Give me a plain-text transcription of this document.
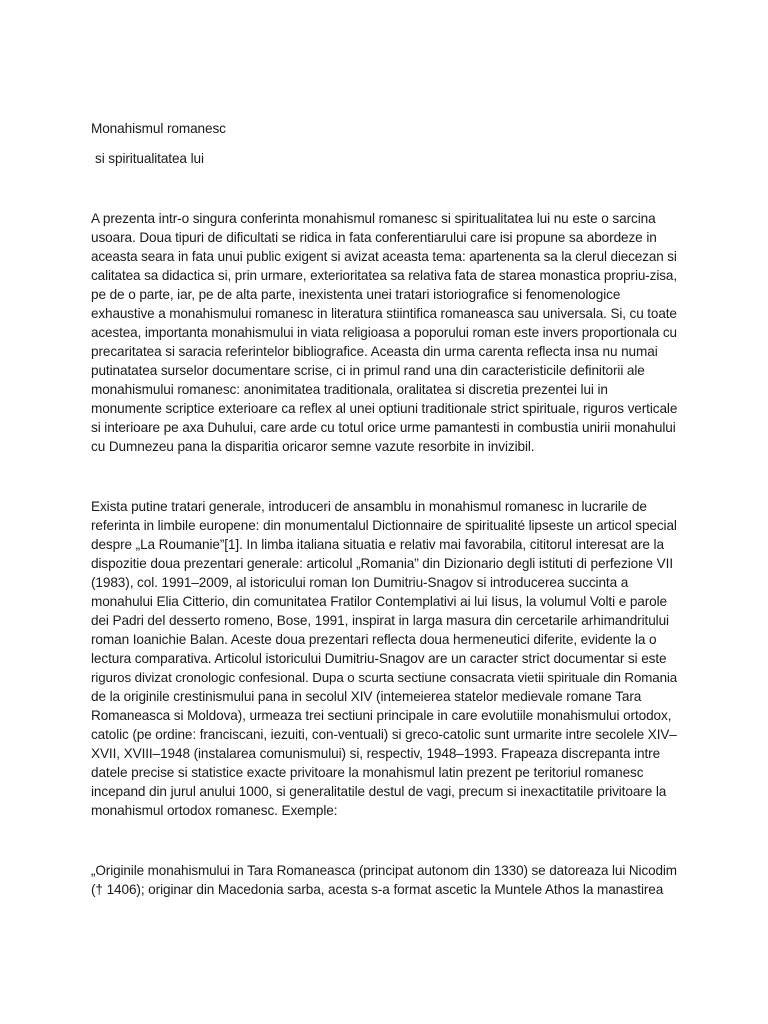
Monahismul romanesc
si spiritualitatea lui
A prezenta intr-o singura conferinta monahismul romanesc si spiritualitatea lui nu este o sarcina
usoara. Doua tipuri de dificultati se ridica in fata conferentiarului care isi propune sa abordeze in
aceasta seara in fata unui public exigent si avizat aceasta tema: apartenenta sa la clerul diecezan si
calitatea sa didactica si, prin urmare, exterioritatea sa relativa fata de starea monastica propriu-zisa,
pe de o parte, iar, pe de alta parte, inexistenta unei tratari istoriografice si fenomenologice
exhaustive a monahismului romanesc in literatura stiintifica romaneasca sau universala. Si, cu toate
acestea, importanta monahismului in viata religioasa a poporului roman este invers proportionala cu
precaritatea si saracia referintelor bibliografice. Aceasta din urma carenta reflecta insa nu numai
putinatatea surselor documentare scrise, ci in primul rand una din caracteristicile definitorii ale
monahismului romanesc: anonimitatea traditionala, oralitatea si discretia prezentei lui in
monumente scriptice exterioare ca reflex al unei optiuni traditionale strict spirituale, riguros verticale
si interioare pe axa Duhului, care arde cu totul orice urme pamantesti in combustia unirii monahului
cu Dumnezeu pana la disparitia oricaror semne vazute resorbite in invizibil.
Exista putine tratari generale, introduceri de ansamblu in monahismul romanesc in lucrarile de
referinta in limbile europene: din monumentalul Dictionnaire de spiritualité lipseste un articol special
despre „La Roumanie”[1]. In limba italiana situatia e relativ mai favorabila, cititorul interesat are la
dispozitie doua prezentari generale: articolul „Romania” din Dizionario degli istituti di perfezione VII
(1983), col. 1991–2009, al istoricului roman Ion Dumitriu-Snagov si introducerea succinta a
monahului Elia Citterio, din comunitatea Fratilor Contemplativi ai lui Iisus, la volumul Volti e parole
dei Padri del desserto romeno, Bose, 1991, inspirat in larga masura din cercetarile arhimandritului
roman Ioanichie Balan. Aceste doua prezentari reflecta doua hermeneutici diferite, evidente la o
lectura comparativa. Articolul istoricului Dumitriu-Snagov are un caracter strict documentar si este
riguros divizat cronologic confesional. Dupa o scurta sectiune consacrata vietii spirituale din Romania
de la originile crestinismului pana in secolul XIV (intemeierea statelor medievale romane Tara
Romaneasca si Moldova), urmeaza trei sectiuni principale in care evolutiile monahismului ortodox,
catolic (pe ordine: franciscani, iezuiti, con-ventuali) si greco-catolic sunt urmarite intre secolele XIV–
XVII, XVIII–1948 (instalarea comunismului) si, respectiv, 1948–1993. Frapeaza discrepanta intre
datele precise si statistice exacte privitoare la monahismul latin prezent pe teritoriul romanesc
incepand din jurul anului 1000, si generalitatile destul de vagi, precum si inexactitatile privitoare la
monahismul ortodox romanesc. Exemple:
„Originile monahismului in Tara Romaneasca (principat autonom din 1330) se datoreaza lui Nicodim
(† 1406); originar din Macedonia sarba, acesta s-a format ascetic la Muntele Athos la manastirea
